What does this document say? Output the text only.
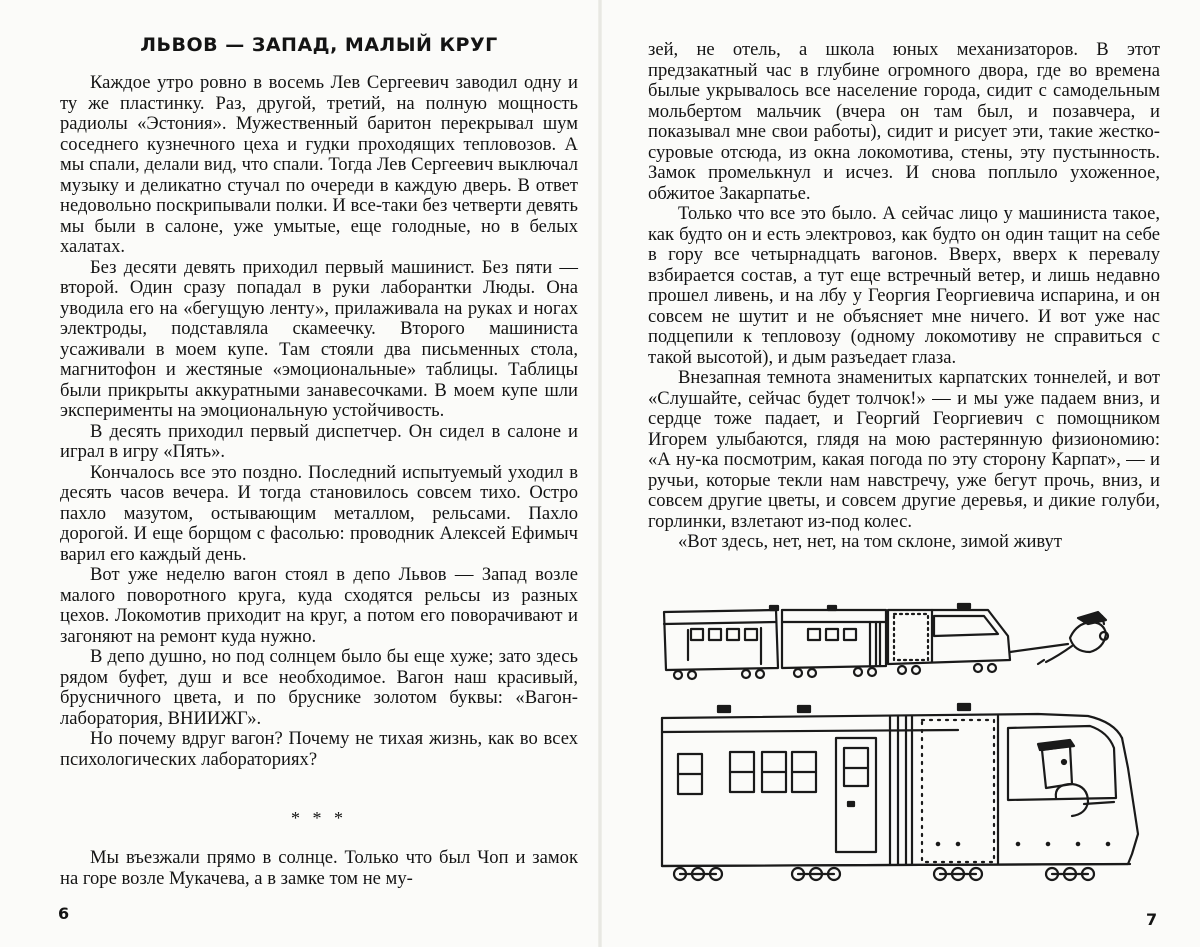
ЛЬВОВ — ЗАПАД, МАЛЫЙ КРУГ

Каждое утро ровно в восемь Лев Сергеевич заводил одну и ту же пластинку. Раз, другой, третий, на полную мощность радиолы «Эстония». Мужественный баритон перекрывал шум соседнего кузнечного цеха и гудки проходящих тепловозов. А мы спали, делали вид, что спали. Тогда Лев Сергеевич выключал музыку и деликатно стучал по очереди в каждую дверь. В ответ недовольно поскрипывали полки. И все-таки без четверти девять мы были в салоне, уже умытые, еще голодные, но в белых халатах.

Без десяти девять приходил первый машинист. Без пяти — второй. Один сразу попадал в руки лаборантки Люды. Она уводила его на «бегущую ленту», прилаживала на руках и ногах электроды, подставляла скамеечку. Второго машиниста усаживали в моем купе. Там стояли два письменных стола, магнитофон и жестяные «эмоциональные» таблицы. Таблицы были прикрыты аккуратными занавесочками. В моем купе шли эксперименты на эмоциональную устойчивость.

В десять приходил первый диспетчер. Он сидел в салоне и играл в игру «Пять».

Кончалось все это поздно. Последний испытуемый уходил в десять часов вечера. И тогда становилось совсем тихо. Остро пахло мазутом, остывающим металлом, рельсами. Пахло дорогой. И еще борщом с фасолью: проводник Алексей Ефимыч варил его каждый день.

Вот уже неделю вагон стоял в депо Львов — Запад возле малого поворотного круга, куда сходятся рельсы из разных цехов. Локомотив приходит на круг, а потом его поворачивают и загоняют на ремонт куда нужно.

В депо душно, но под солнцем было бы еще хуже; зато здесь рядом буфет, душ и все необходимое. Вагон наш красивый, брусничного цвета, и по бруснике золотом буквы: «Вагон-лаборатория, ВНИИЖГ».

Но почему вдруг вагон? Почему не тихая жизнь, как во всех психологических лабораториях?

* * *

Мы въезжали прямо в солнце. Только что был Чоп и замок на горе возле Мукачева, а в замке том не му-

6

зей, не отель, а школа юных механизаторов. В этот предзакатный час в глубине огромного двора, где во времена былые укрывалось все население города, сидит с самодельным мольбертом мальчик (вчера он там был, и позавчера, и показывал мне свои работы), сидит и рисует эти, такие жестко-суровые отсюда, из окна локомотива, стены, эту пустынность. Замок промелькнул и исчез. И снова поплыло ухоженное, обжитое Закарпатье.

Только что все это было. А сейчас лицо у машиниста такое, как будто он и есть электровоз, как будто он один тащит на себе в гору все четырнадцать вагонов. Вверх, вверх к перевалу взбирается состав, а тут еще встречный ветер, и лишь недавно прошел ливень, и на лбу у Георгия Георгиевича испарина, и он совсем не шутит и не объясняет мне ничего. И вот уже нас подцепили к тепловозу (одному локомотиву не справиться с такой высотой), и дым разъедает глаза.

Внезапная темнота знаменитых карпатских тоннелей, и вот «Слушайте, сейчас будет толчок!» — и мы уже падаем вниз, и сердце тоже падает, и Георгий Георгиевич с помощником Игорем улыбаются, глядя на мою растерянную физиономию: «А ну-ка посмотрим, какая погода по эту сторону Карпат», — и ручьи, которые текли нам навстречу, уже бегут прочь, вниз, и совсем другие цветы, и совсем другие деревья, и дикие голуби, горлинки, взлетают из-под колес.

«Вот здесь, нет, нет, на том склоне, зимой живут

7
